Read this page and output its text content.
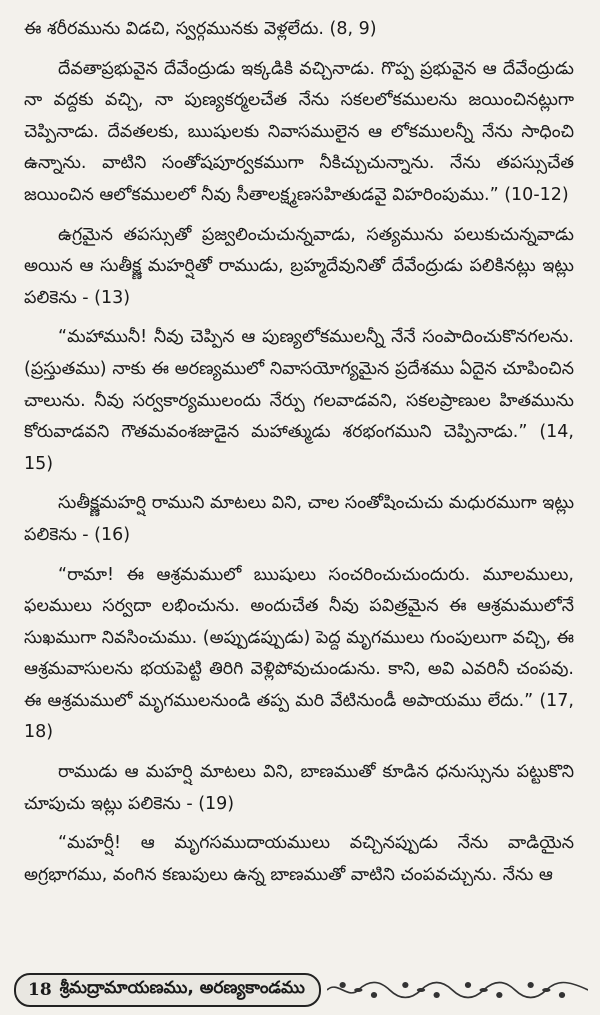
ఈ శరీరమును విడచి, స్వర్గమునకు వెళ్లలేదు. (8, 9)

దేవతాప్రభువైన దేవేంద్రుడు ఇక్కడికి వచ్చినాడు. గొప్ప ప్రభువైన ఆ దేవేంద్రుడు నా వద్దకు వచ్చి, నా పుణ్యకర్మలచేత నేను సకలలోకములను జయించినట్లుగా చెప్పినాడు. దేవతలకు, ఋషులకు నివాసములైన ఆ లోకములన్నీ నేను సాధించి ఉన్నాను. వాటిని సంతోషపూర్వకముగా నీకిచ్చుచున్నాను. నేను తపస్సుచేత జయించిన ఆలోకములలో నీవు సీతాలక్ష్మణసహితుడవై విహరింపుము.” (10-12)

ఉగ్రమైన తపస్సుతో ప్రజ్వలించుచున్నవాడు, సత్యమును పలుకుచున్నవాడు అయిన ఆ సుతీక్ష్ణ మహర్షితో రాముడు, బ్రహ్మదేవునితో దేవేంద్రుడు పలికినట్లు ఇట్లు పలికెను - (13)

“మహామునీ! నీవు చెప్పిన ఆ పుణ్యలోకములన్నీ నేనే సంపాదించుకొనగలను. (ప్రస్తుతము) నాకు ఈ అరణ్యములో నివాసయోగ్యమైన ప్రదేశము ఏదైన చూపించిన చాలును. నీవు సర్వకార్యములందు నేర్పు గలవాడవని, సకలప్రాణుల హితమును కోరువాడవని గౌతమవంశజుడైన మహాత్ముడు శరభంగముని చెప్పినాడు.” (14, 15)

సుతీక్ష్ణమహర్షి రాముని మాటలు విని, చాల సంతోషించుచు మధురముగా ఇట్లు పలికెను - (16)

“రామా! ఈ ఆశ్రమములో ఋషులు సంచరించుచుందురు. మూలములు, ఫలములు సర్వదా లభించును. అందుచేత నీవు పవిత్రమైన ఈ ఆశ్రమములోనే సుఖముగా నివసించుము. (అప్పుడప్పుడు) పెద్ద మృగములు గుంపులుగా వచ్చి, ఈ ఆశ్రమవాసులను భయపెట్టి తిరిగి వెళ్లిపోవుచుండును. కాని, అవి ఎవరినీ చంపవు. ఈ ఆశ్రమములో మృగములనుండి తప్ప మరి వేటినుండీ అపాయము లేదు.” (17, 18)

రాముడు ఆ మహర్షి మాటలు విని, బాణముతో కూడిన ధనుస్సును పట్టుకొని చూపుచు ఇట్లు పలికెను - (19)

“మహర్షీ! ఆ మృగసముదాయములు వచ్చినప్పుడు నేను వాడియైన అగ్రభాగము, వంగిన కణుపులు ఉన్న బాణముతో వాటిని చంపవచ్చును. నేను ఆ

18 శ్రీమద్రామాయణము, అరణ్యకాండము
